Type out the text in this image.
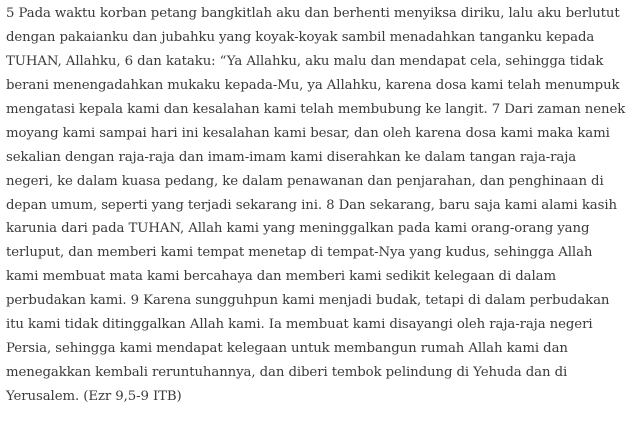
5 Pada waktu korban petang bangkitlah aku dan berhenti menyiksa diriku, lalu aku berlutut
dengan pakaianku dan jubahku yang koyak-koyak sambil menadahkan tanganku kepada
TUHAN, Allahku, 6 dan kataku: “Ya Allahku, aku malu dan mendapat cela, sehingga tidak
berani menengadahkan mukaku kepada-Mu, ya Allahku, karena dosa kami telah menumpuk
mengatasi kepala kami dan kesalahan kami telah membubung ke langit. 7 Dari zaman nenek
moyang kami sampai hari ini kesalahan kami besar, dan oleh karena dosa kami maka kami
sekalian dengan raja-raja dan imam-imam kami diserahkan ke dalam tangan raja-raja
negeri, ke dalam kuasa pedang, ke dalam penawanan dan penjarahan, dan penghinaan di
depan umum, seperti yang terjadi sekarang ini. 8 Dan sekarang, baru saja kami alami kasih
karunia dari pada TUHAN, Allah kami yang meninggalkan pada kami orang-orang yang
terluput, dan memberi kami tempat menetap di tempat-Nya yang kudus, sehingga Allah
kami membuat mata kami bercahaya dan memberi kami sedikit kelegaan di dalam
perbudakan kami. 9 Karena sungguhpun kami menjadi budak, tetapi di dalam perbudakan
itu kami tidak ditinggalkan Allah kami. Ia membuat kami disayangi oleh raja-raja negeri
Persia, sehingga kami mendapat kelegaan untuk membangun rumah Allah kami dan
menegakkan kembali reruntuhannya, dan diberi tembok pelindung di Yehuda dan di
Yerusalem. (Ezr 9,5-9 ITB)
